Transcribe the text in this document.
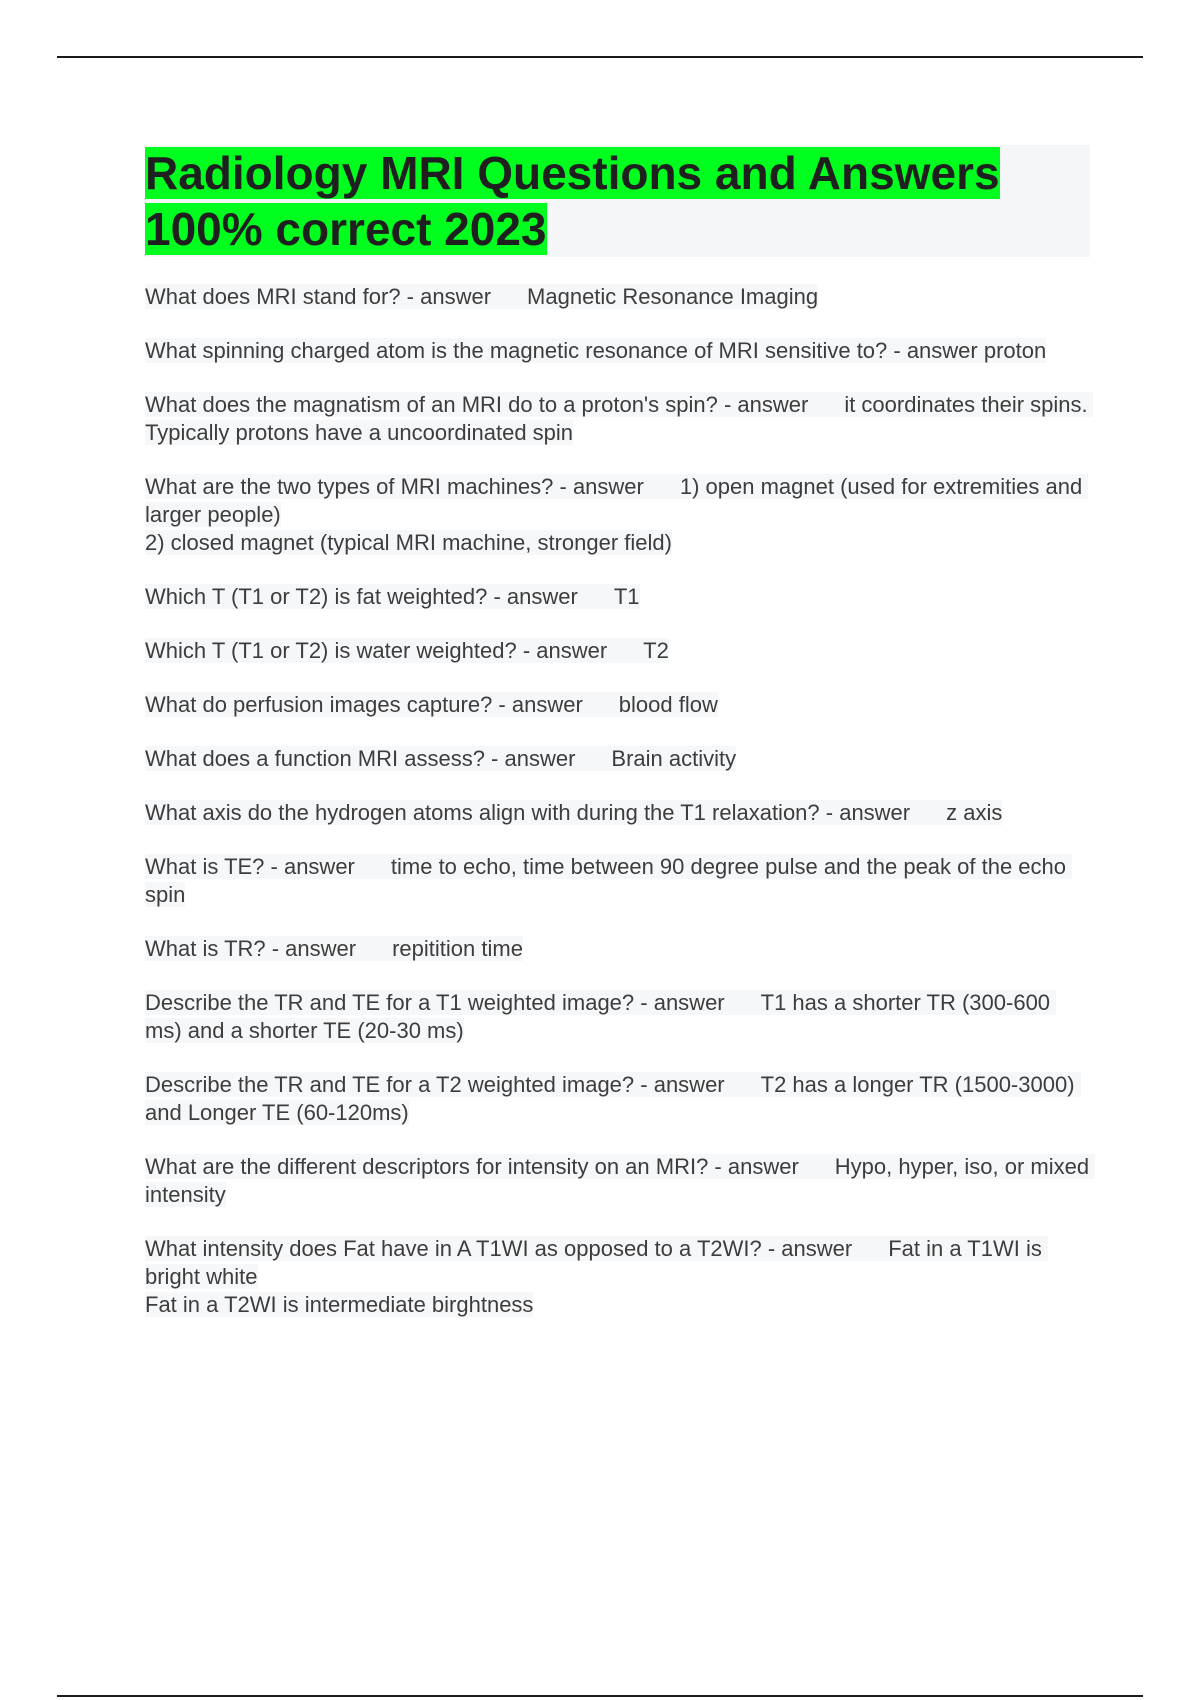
Radiology MRI Questions and Answers
100% correct 2023

What does MRI stand for? - answer Magnetic Resonance Imaging

What spinning charged atom is the magnetic resonance of MRI sensitive to? - answer proton

What does the magnatism of an MRI do to a proton's spin? - answer it coordinates their spins. Typically protons have a uncoordinated spin

What are the two types of MRI machines? - answer 1) open magnet (used for extremities and larger people)
2) closed magnet (typical MRI machine, stronger field)

Which T (T1 or T2) is fat weighted? - answer T1

Which T (T1 or T2) is water weighted? - answer T2

What do perfusion images capture? - answer blood flow

What does a function MRI assess? - answer Brain activity

What axis do the hydrogen atoms align with during the T1 relaxation? - answer z axis

What is TE? - answer time to echo, time between 90 degree pulse and the peak of the echo spin

What is TR? - answer repitition time

Describe the TR and TE for a T1 weighted image? - answer T1 has a shorter TR (300-600 ms) and a shorter TE (20-30 ms)

Describe the TR and TE for a T2 weighted image? - answer T2 has a longer TR (1500-3000) and Longer TE (60-120ms)

What are the different descriptors for intensity on an MRI? - answer Hypo, hyper, iso, or mixed intensity

What intensity does Fat have in A T1WI as opposed to a T2WI? - answer Fat in a T1WI is bright white
Fat in a T2WI is intermediate birghtness
